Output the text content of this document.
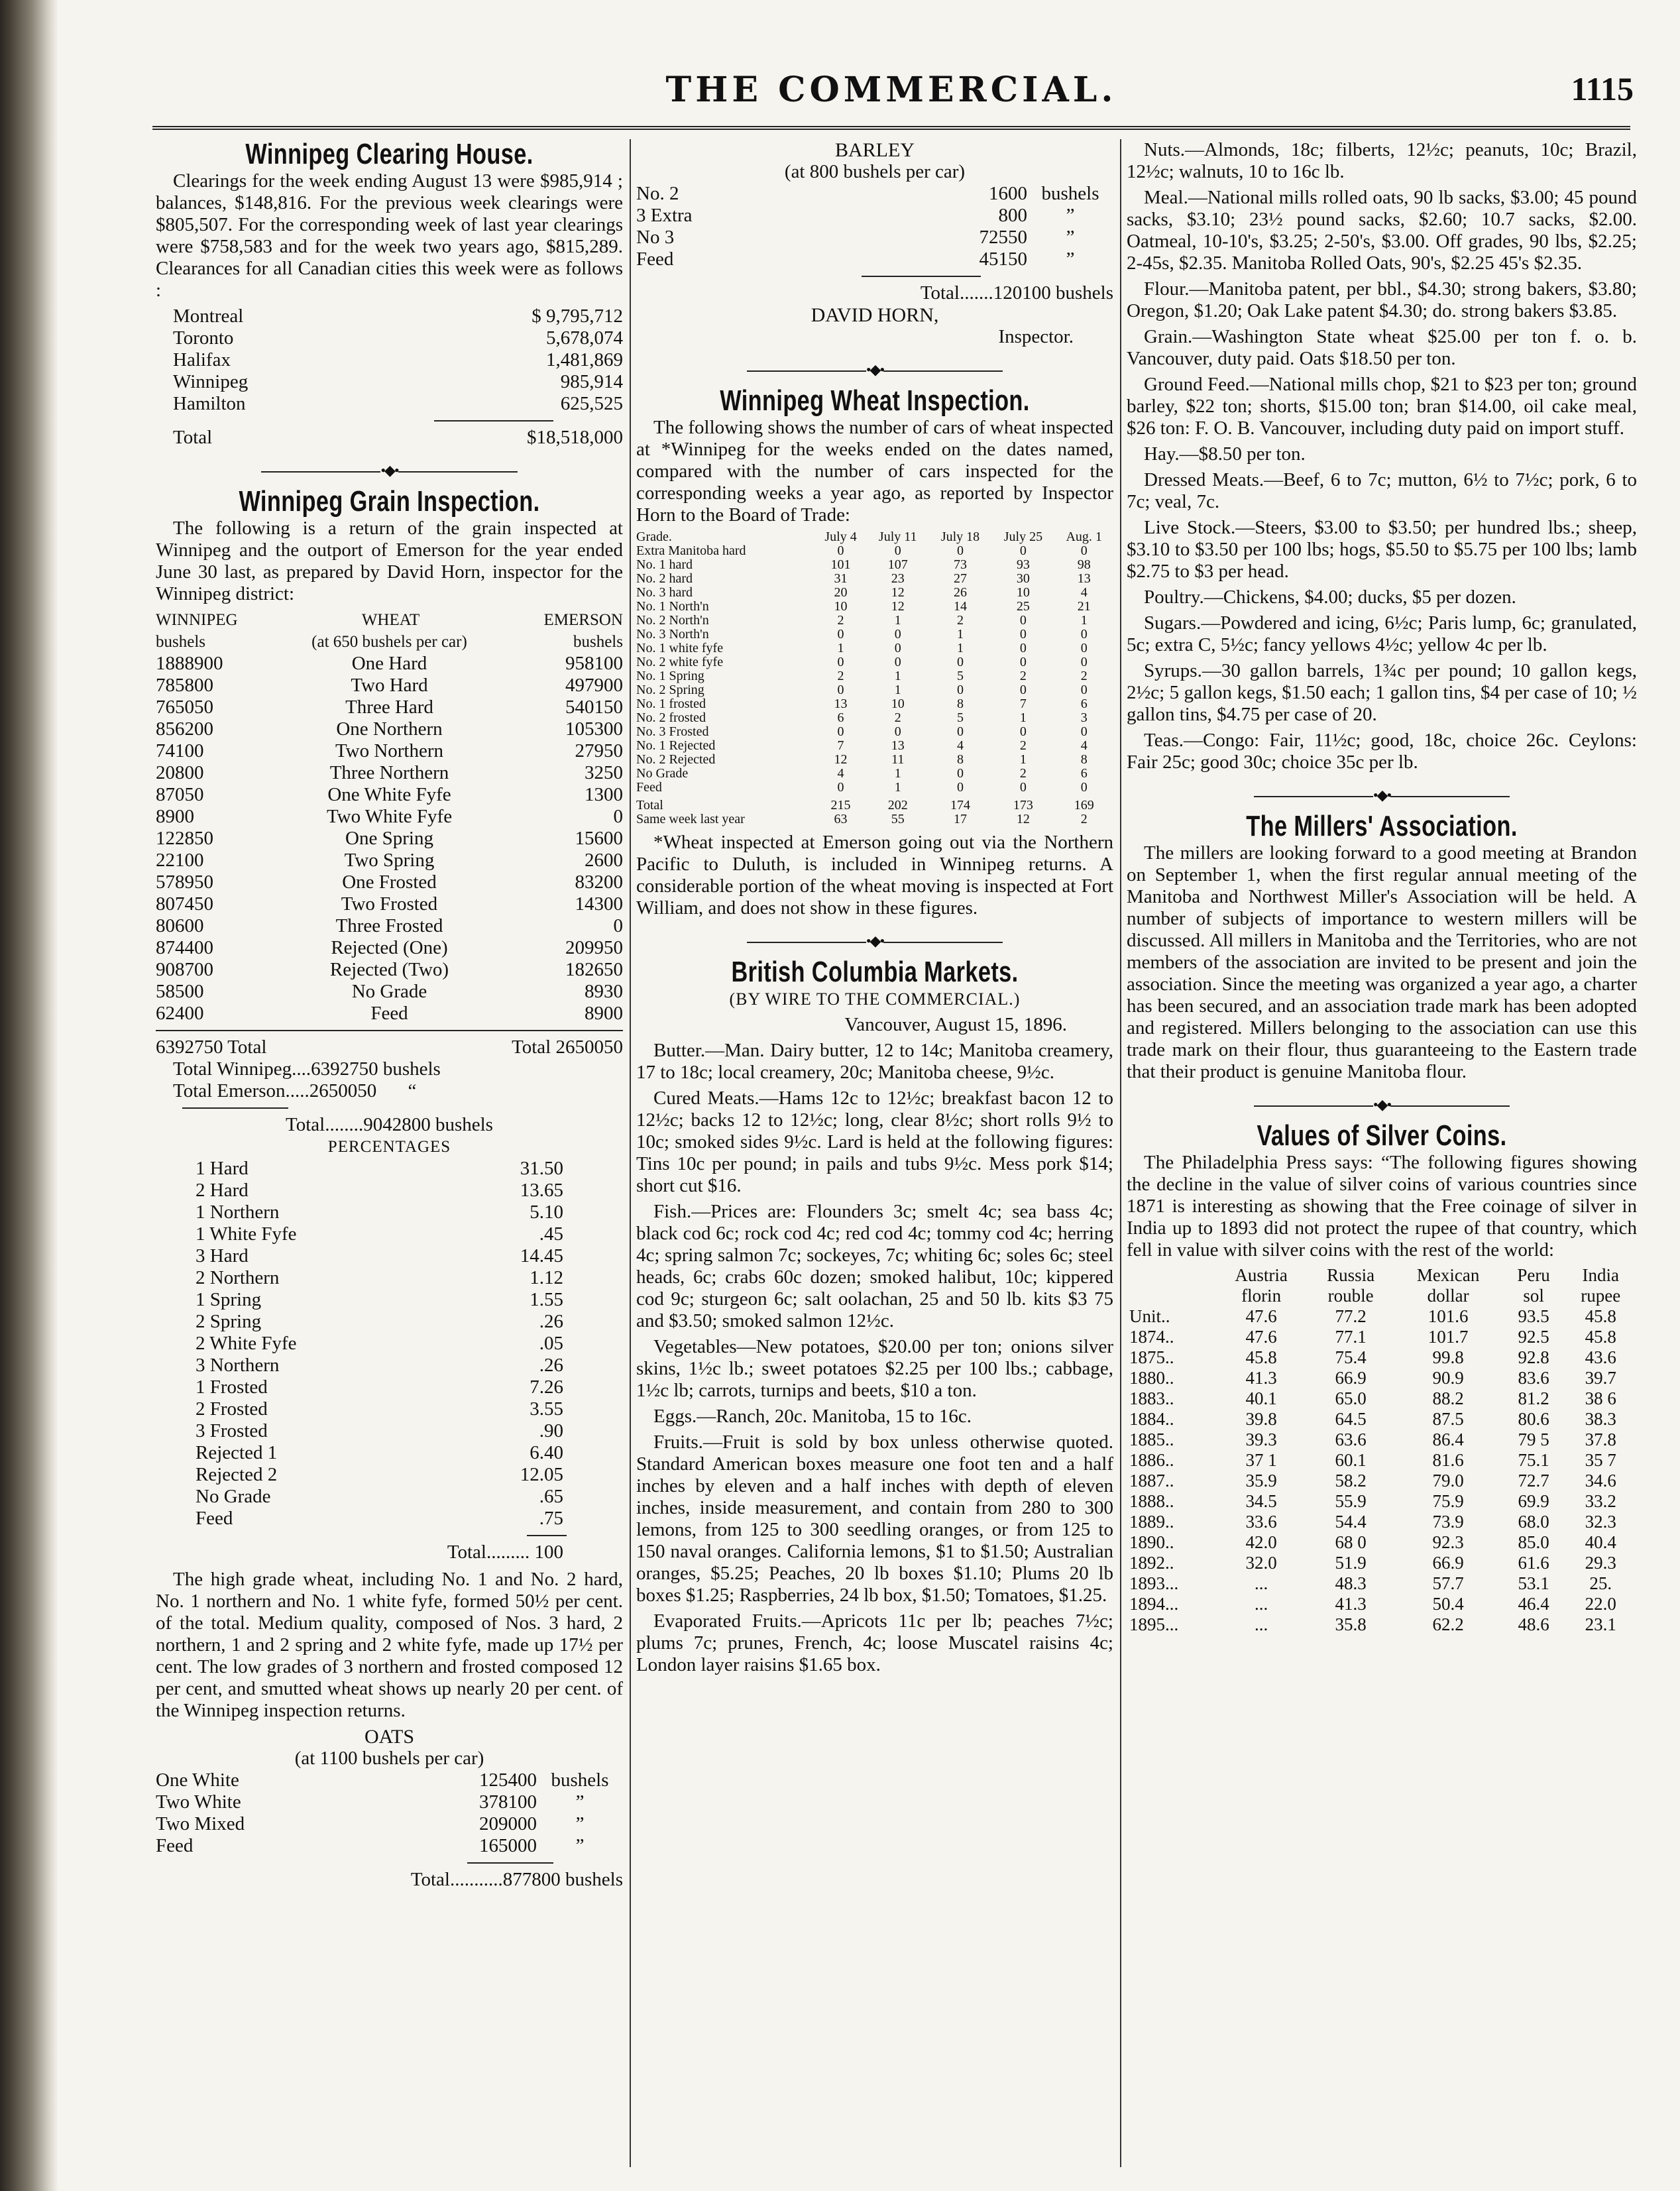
THE COMMERCIAL.	1115
Winnipeg Clearing House.

Clearings for the week ending August 13 were $985,914 ; balances, $148,816. For the previous week clearings were $805,507. For the corresponding week of last year clearings were $758,583 and for the week two years ago, $815,289. Clearances for all Canadian cities this week were as follows :

Montreal	$ 9,795,712
Toronto	5,678,074
Halifax	1,481,869
Winnipeg	985,914
Hamilton	625,525
Total	$18,518,000
•◆•
Winnipeg Grain Inspection.

The following is a return of the grain inspected at Winnipeg and the outport of Emerson for the year ended June 30 last, as prepared by David Horn, inspector for the Winnipeg district:

WINNIPEG	WHEAT	EMERSON
bushels	(at 650 bushels per car)	bushels
1888900	One Hard	958100
785800	Two Hard	497900
765050	Three Hard	540150
856200	One Northern	105300
74100	Two Northern	27950
20800	Three Northern	3250
87050	One White Fyfe	1300
8900	Two White Fyfe	0
122850	One Spring	15600
22100	Two Spring	2600
578950	One Frosted	83200
807450	Two Frosted	14300
80600	Three Frosted	0
874400	Rejected (One)	209950
908700	Rejected (Two)	182650
58500	No Grade	8930
62400	Feed	8900
6392750 Total	Total 2650050
Total Winnipeg....6392750 bushels
Total Emerson.....2650050 “
Total........9042800 bushels
PERCENTAGES
1 Hard	31.50
2 Hard	13.65
1 Northern	5.10
1 White Fyfe	.45
3 Hard	14.45
2 Northern	1.12
1 Spring	1.55
2 Spring	.26
2 White Fyfe	.05
3 Northern	.26
1 Frosted	7.26
2 Frosted	3.55
3 Frosted	.90
Rejected 1	6.40
Rejected 2	12.05
No Grade	.65
Feed	.75
Total......... 100

The high grade wheat, including No. 1 and No. 2 hard, No. 1 northern and No. 1 white fyfe, formed 50½ per cent. of the total. Medium quality, composed of Nos. 3 hard, 2 northern, 1 and 2 spring and 2 white fyfe, made up 17½ per cent. The low grades of 3 northern and frosted composed 12 per cent, and smutted wheat shows up nearly 20 per cent. of the Winnipeg inspection returns.

OATS
(at 1100 bushels per car)
One White	125400 bushels
Two White	378100	”
Two Mixed	209000	”
Feed	165000	”
Total...........877800 bushels
BARLEY
(at 800 bushels per car)
No. 2	1600 bushels
3 Extra	800	”
No 3	72550	”
Feed	45150	”
Total.......120100 bushels
DAVID HORN,
Inspector.
•◆•
Winnipeg Wheat Inspection.

The following shows the number of cars of wheat inspected at *Winnipeg for the weeks ended on the dates named, compared with the number of cars inspected for the corresponding weeks a year ago, as reported by Inspector Horn to the Board of Trade:

Grade.	July 4	July 11	July 18	July 25	Aug. 1
Extra Manitoba hard	0	0	0	0	0
No. 1 hard	101	107	73	93	98
No. 2 hard	31	23	27	30	13
No. 3 hard	20	12	26	10	4
No. 1 North'n	10	12	14	25	21
No. 2 North'n	2	1	2	0	1
No. 3 North'n	0	0	1	0	0
No. 1 white fyfe	1	0	1	0	0
No. 2 white fyfe	0	0	0	0	0
No. 1 Spring	2	1	5	2	2
No. 2 Spring	0	1	0	0	0
No. 1 frosted	13	10	8	7	6
No. 2 frosted	6	2	5	1	3
No. 3 Frosted	0	0	0	0	0
No. 1 Rejected	7	13	4	2	4
No. 2 Rejected	12	11	8	1	8
No Grade	4	1	0	2	6
Feed	0	1	0	0	0
Total	215	202	174	173	169
Same week last year	63	55	17	12	2

*Wheat inspected at Emerson going out via the Northern Pacific to Duluth, is included in Winnipeg returns. A considerable portion of the wheat moving is inspected at Fort William, and does not show in these figures.

•◆•
British Columbia Markets.
(BY WIRE TO THE COMMERCIAL.)
Vancouver, August 15, 1896.

Butter.—Man. Dairy butter, 12 to 14c; Manitoba creamery, 17 to 18c; local creamery, 20c; Manitoba cheese, 9½c.

Cured Meats.—Hams 12c to 12½c; breakfast bacon 12 to 12½c; backs 12 to 12½c; long, clear 8½c; short rolls 9½ to 10c; smoked sides 9½c. Lard is held at the following figures: Tins 10c per pound; in pails and tubs 9½c. Mess pork $14; short cut $16.

Fish.—Prices are: Flounders 3c; smelt 4c; sea bass 4c; black cod 6c; rock cod 4c; red cod 4c; tommy cod 4c; herring 4c; spring salmon 7c; sockeyes, 7c; whiting 6c; soles 6c; steel heads, 6c; crabs 60c dozen; smoked halibut, 10c; kippered cod 9c; sturgeon 6c; salt oolachan, 25 and 50 lb. kits $3 75 and $3.50; smoked salmon 12½c.

Vegetables—New potatoes, $20.00 per ton; onions silver skins, 1½c lb.; sweet potatoes $2.25 per 100 lbs.; cabbage, 1½c lb; carrots, turnips and beets, $10 a ton.

Eggs.—Ranch, 20c. Manitoba, 15 to 16c.

Fruits.—Fruit is sold by box unless otherwise quoted. Standard American boxes measure one foot ten and a half inches by eleven and a half inches with depth of eleven inches, inside measurement, and contain from 280 to 300 lemons, from 125 to 300 seedling oranges, or from 125 to 150 naval oranges. California lemons, $1 to $1.50; Australian oranges, $5.25; Peaches, 20 lb boxes $1.10; Plums 20 lb boxes $1.25; Raspberries, 24 lb box, $1.50; Tomatoes, $1.25.

Evaporated Fruits.—Apricots 11c per lb; peaches 7½c; plums 7c; prunes, French, 4c; loose Muscatel raisins 4c; London layer raisins $1.65 box.

Nuts.—Almonds, 18c; filberts, 12½c; peanuts, 10c; Brazil, 12½c; walnuts, 10 to 16c lb.

Meal.—National mills rolled oats, 90 lb sacks, $3.00; 45 pound sacks, $3.10; 23½ pound sacks, $2.60; 10.7 sacks, $2.00. Oatmeal, 10-10's, $3.25; 2-50's, $3.00. Off grades, 90 lbs, $2.25; 2-45s, $2.35. Manitoba Rolled Oats, 90's, $2.25 45's $2.35.

Flour.—Manitoba patent, per bbl., $4.30; strong bakers, $3.80; Oregon, $1.20; Oak Lake patent $4.30; do. strong bakers $3.85.

Grain.—Washington State wheat $25.00 per ton f. o. b. Vancouver, duty paid. Oats $18.50 per ton.

Ground Feed.—National mills chop, $21 to $23 per ton; ground barley, $22 ton; shorts, $15.00 ton; bran $14.00, oil cake meal, $26 ton: F. O. B. Vancouver, including duty paid on import stuff.

Hay.—$8.50 per ton.

Dressed Meats.—Beef, 6 to 7c; mutton, 6½ to 7½c; pork, 6 to 7c; veal, 7c.

Live Stock.—Steers, $3.00 to $3.50; per hundred lbs.; sheep, $3.10 to $3.50 per 100 lbs; hogs, $5.50 to $5.75 per 100 lbs; lamb $2.75 to $3 per head.

Poultry.—Chickens, $4.00; ducks, $5 per dozen.

Sugars.—Powdered and icing, 6½c; Paris lump, 6c; granulated, 5c; extra C, 5½c; fancy yellows 4½c; yellow 4c per lb.

Syrups.—30 gallon barrels, 1¾c per pound; 10 gallon kegs, 2½c; 5 gallon kegs, $1.50 each; 1 gallon tins, $4 per case of 10; ½ gallon tins, $4.75 per case of 20.

Teas.—Congo: Fair, 11½c; good, 18c, choice 26c. Ceylons: Fair 25c; good 30c; choice 35c per lb.

•◆•
The Millers' Association.

The millers are looking forward to a good meeting at Brandon on September 1, when the first regular annual meeting of the Manitoba and Northwest Miller's Association will be held. A number of subjects of importance to western millers will be discussed. All millers in Manitoba and the Territories, who are not members of the association are invited to be present and join the association. Since the meeting was organized a year ago, a charter has been secured, and an association trade mark has been adopted and registered. Millers belonging to the association can use this trade mark on their flour, thus guaranteeing to the Eastern trade that their product is genuine Manitoba flour.

•◆•
Values of Silver Coins.

The Philadelphia Press says: “The following figures showing the decline in the value of silver coins of various countries since 1871 is interesting as showing that the Free coinage of silver in India up to 1893 did not protect the rupee of that country, which fell in value with silver coins with the rest of the world:

	Austria	Russia	Mexican	Peru	India
	florin	rouble	dollar	sol	rupee
Unit..	47.6	77.2	101.6	93.5	45.8
1874..	47.6	77.1	101.7	92.5	45.8
1875..	45.8	75.4	99.8	92.8	43.6
1880..	41.3	66.9	90.9	83.6	39.7
1883..	40.1	65.0	88.2	81.2	38 6
1884..	39.8	64.5	87.5	80.6	38.3
1885..	39.3	63.6	86.4	79 5	37.8
1886..	37 1	60.1	81.6	75.1	35 7
1887..	35.9	58.2	79.0	72.7	34.6
1888..	34.5	55.9	75.9	69.9	33.2
1889..	33.6	54.4	73.9	68.0	32.3
1890..	42.0	68 0	92.3	85.0	40.4
1892..	32.0	51.9	66.9	61.6	29.3
1893...	...	48.3	57.7	53.1	25.
1894...	...	41.3	50.4	46.4	22.0
1895...	...	35.8	62.2	48.6	23.1
